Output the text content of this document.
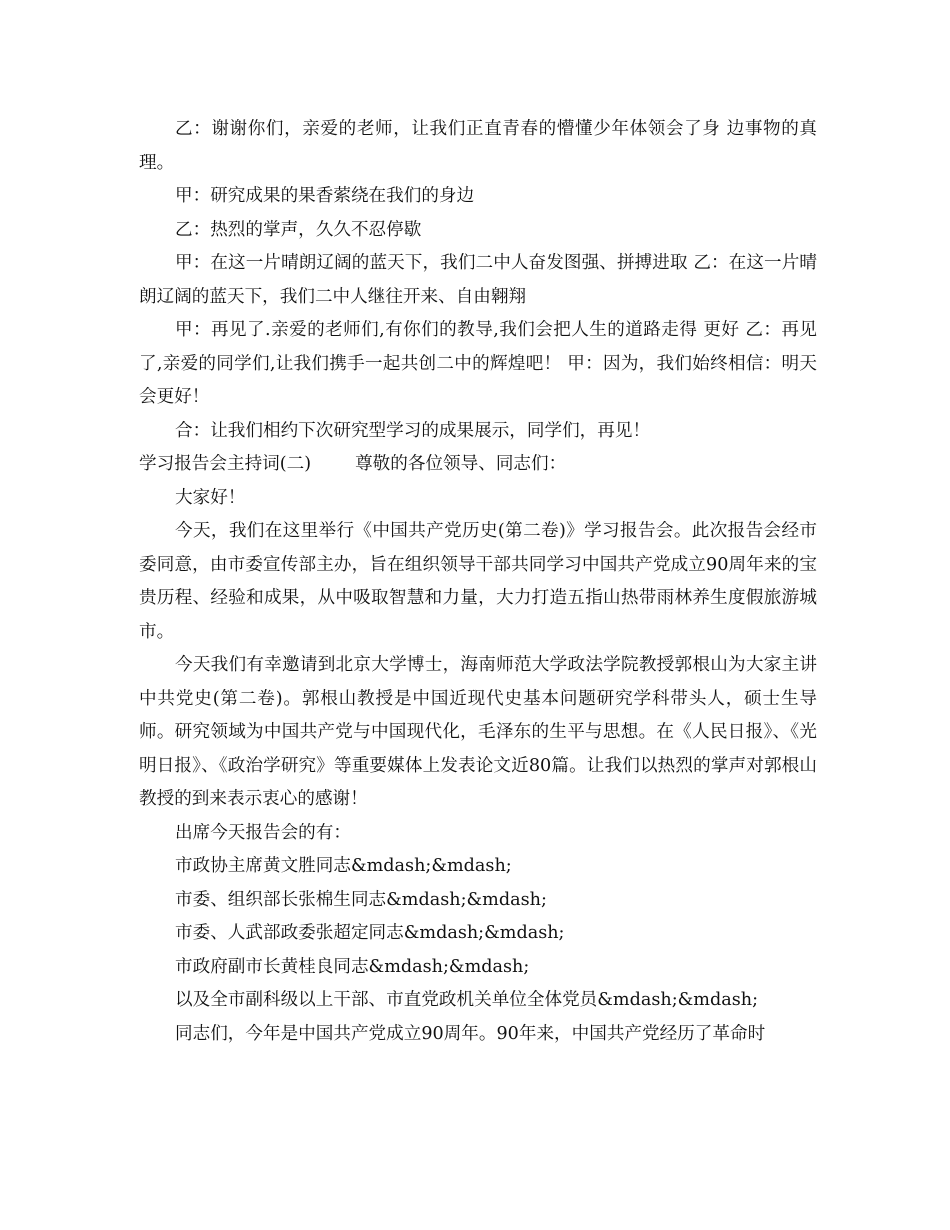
乙：谢谢你们，亲爱的老师，让我们正直青春的懵懂少年体领会了身 边事物的真理。

甲：研究成果的果香萦绕在我们的身边

乙：热烈的掌声，久久不忍停歇

甲：在这一片晴朗辽阔的蓝天下，我们二中人奋发图强、拼搏进取 乙：在这一片晴朗辽阔的蓝天下，我们二中人继往开来、自由翱翔

甲：再见了.亲爱的老师们,有你们的教导,我们会把人生的道路走得 更好 乙：再见了,亲爱的同学们,让我们携手一起共创二中的辉煌吧！ 甲：因为，我们始终相信：明天会更好！

合：让我们相约下次研究型学习的成果展示，同学们，再见！

学习报告会主持词(二)	尊敬的各位领导、同志们：

大家好！

今天，我们在这里举行《中国共产党历史(第二卷)》学习报告会。此次报告会经市委同意，由市委宣传部主办，旨在组织领导干部共同学习中国共产党成立90周年来的宝贵历程、经验和成果，从中吸取智慧和力量，大力打造五指山热带雨林养生度假旅游城市。

今天我们有幸邀请到北京大学博士，海南师范大学政法学院教授郭根山为大家主讲中共党史(第二卷)。郭根山教授是中国近现代史基本问题研究学科带头人，硕士生导师。研究领域为中国共产党与中国现代化，毛泽东的生平与思想。在《人民日报》、《光明日报》、《政治学研究》等重要媒体上发表论文近80篇。让我们以热烈的掌声对郭根山教授的到来表示衷心的感谢！

出席今天报告会的有：

市政协主席黄文胜同志&mdash;&mdash;

市委、组织部长张棉生同志&mdash;&mdash;

市委、人武部政委张超定同志&mdash;&mdash;

市政府副市长黄桂良同志&mdash;&mdash;

以及全市副科级以上干部、市直党政机关单位全体党员&mdash;&mdash;

同志们，今年是中国共产党成立90周年。90年来，中国共产党经历了革命时
